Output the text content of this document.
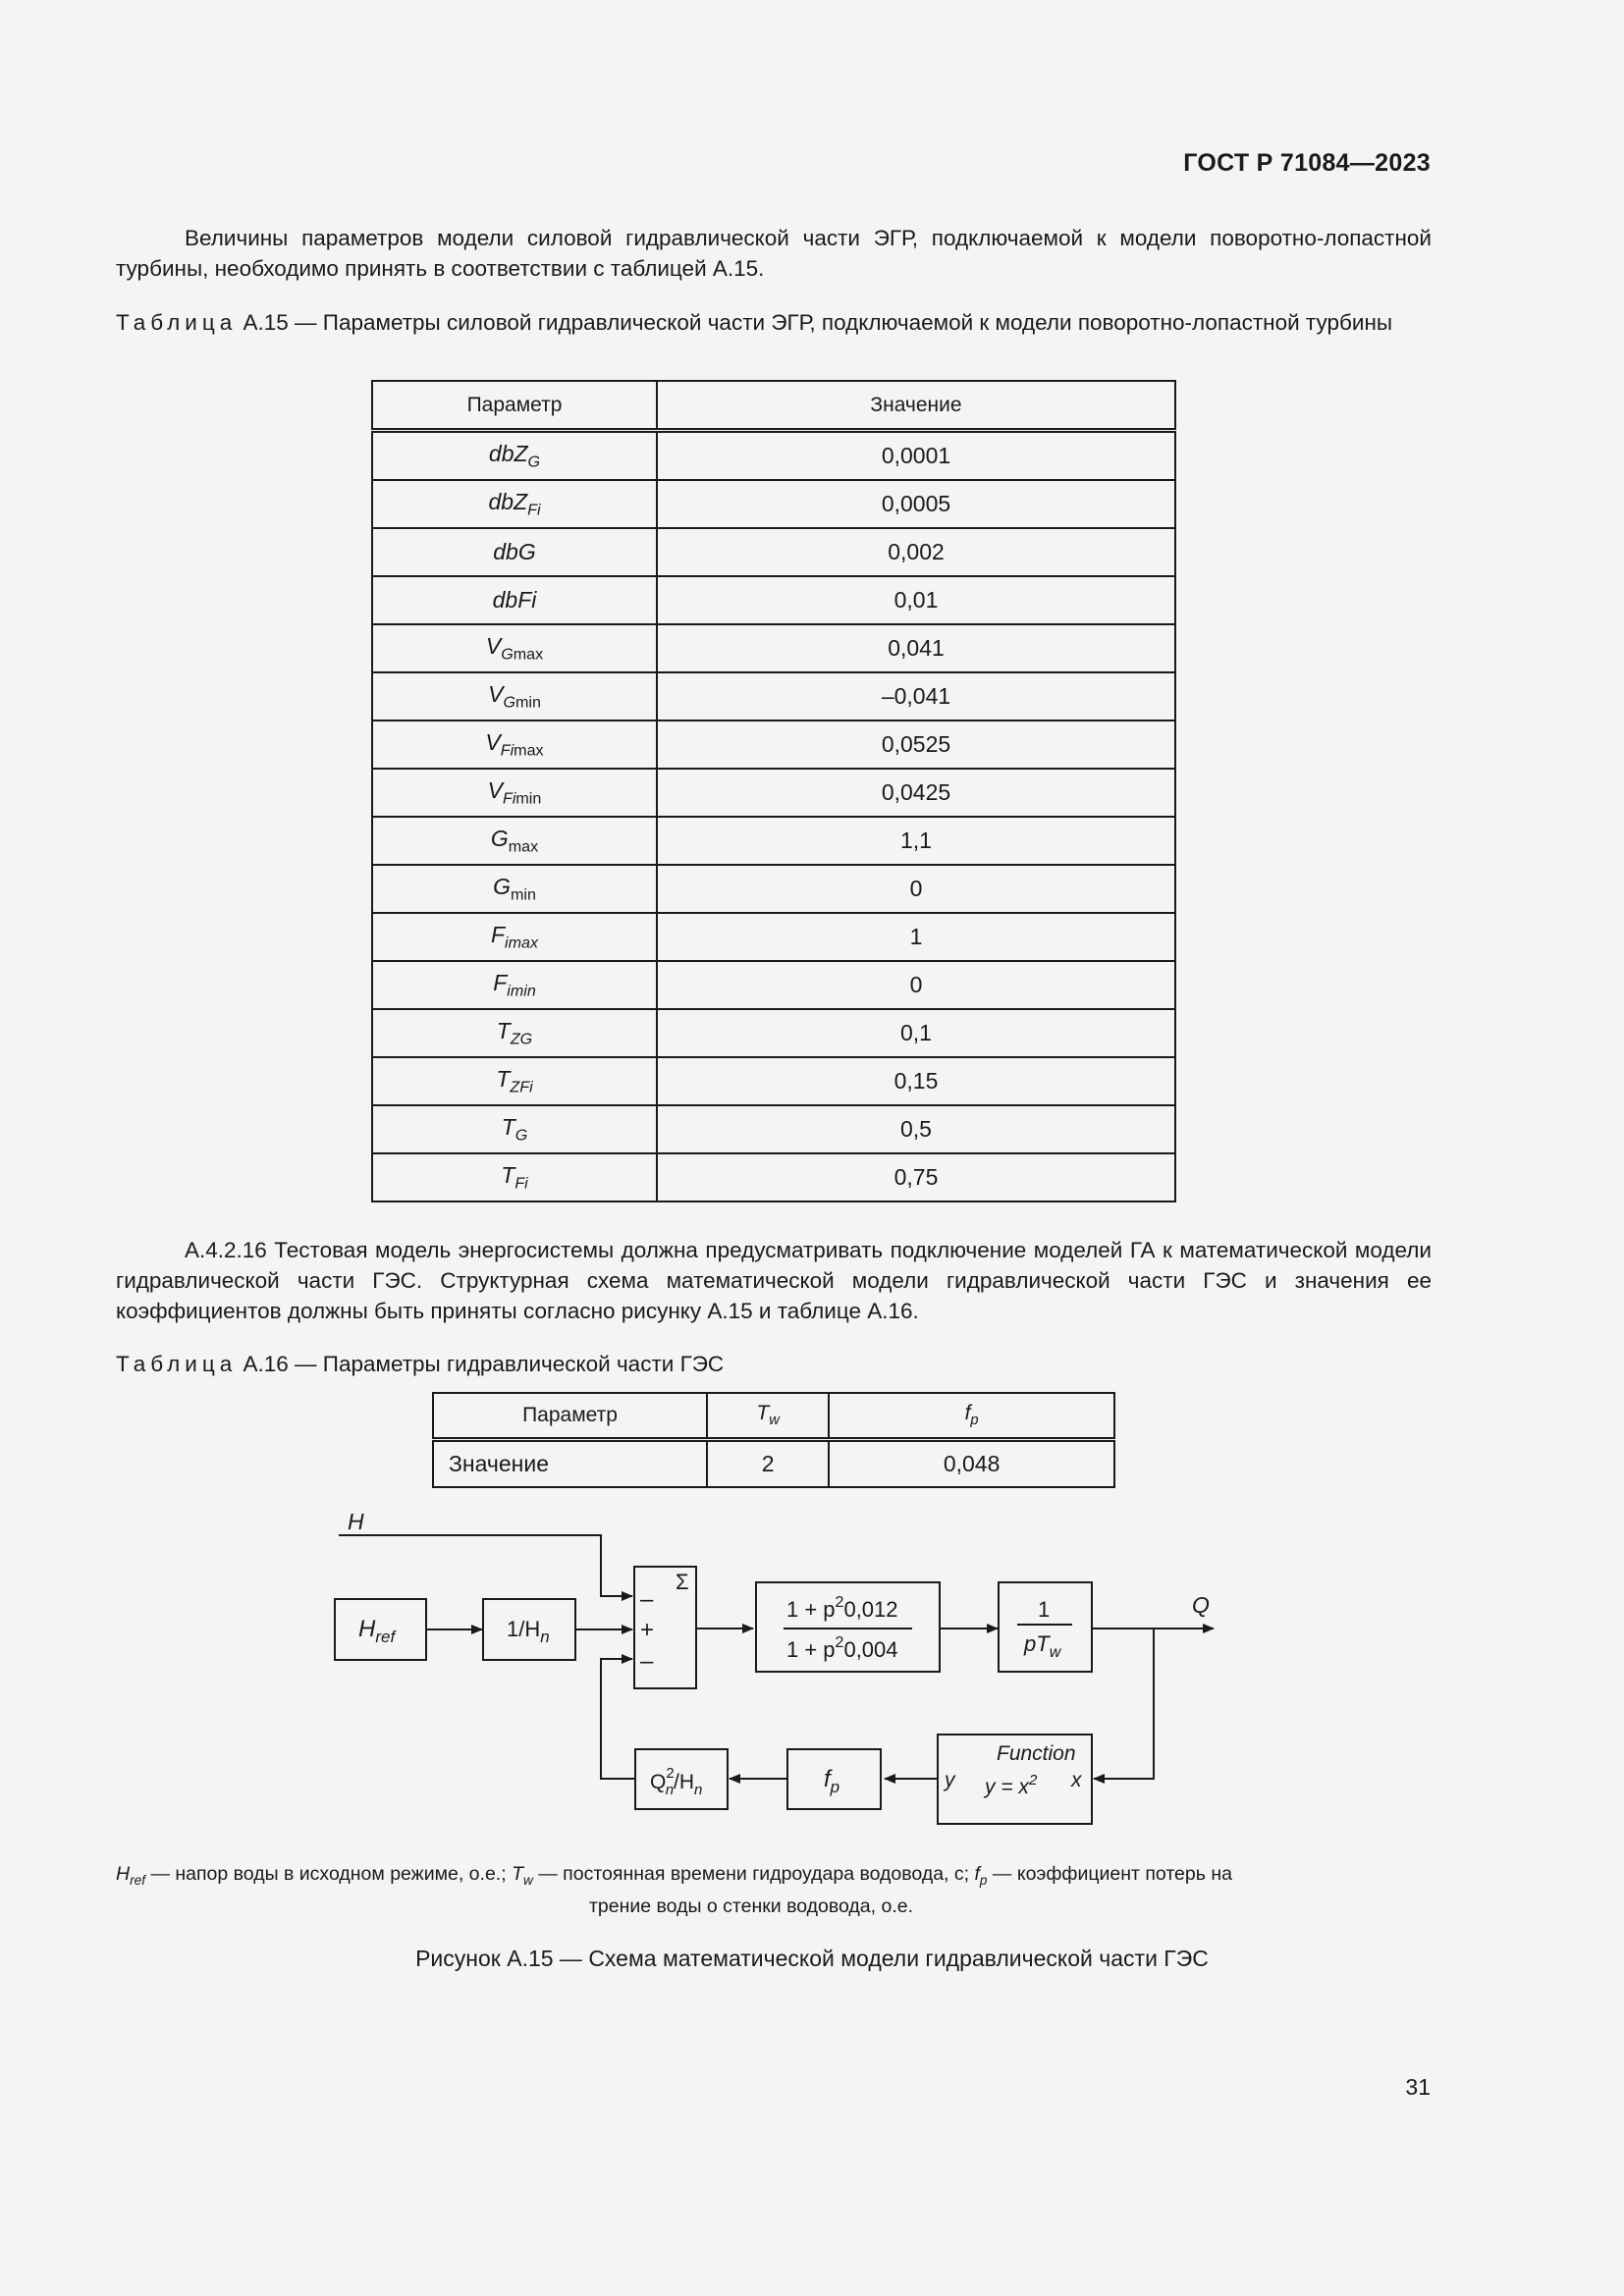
ГОСТ Р 71084—2023
Величины параметров модели силовой гидравлической части ЭГР, подключаемой к модели поворотно-лопастной турбины, необходимо принять в соответствии с таблицей А.15.
Таблица А.15 — Параметры силовой гидравлической части ЭГР, подключаемой к модели поворотно-лопастной турбины
Параметр	Значение
dbZ$_G$	0,0001
dbZ$_{Fi}$	0,0005
dbG	0,002
dbFi	0,01
$V_{Gmax}$	0,041
$V_{Gmin}$	–0,041
$V_{Fimax}$	0,0525
$V_{Fimin}$	0,0425
$G_{max}$	1,1
$G_{min}$	0
$F_{imax}$	1
$F_{imin}$	0
$T_{ZG}$	0,1
$T_{ZFi}$	0,15
$T_G$	0,5
$T_{Fi}$	0,75
А.4.2.16 Тестовая модель энергосистемы должна предусматривать подключение моделей ГА к математической модели гидравлической части ГЭС. Структурная схема математической модели гидравлической части ГЭС и значения ее коэффициентов должны быть приняты согласно рисунку А.15 и таблице А.16.
Таблица А.16 — Параметры гидравлической части ГЭС
Параметр	$T_w$	$f_p$
Значение	2	0,048
H
$H_{ref}$	$1/H_n$
Σ
–
+
–
$1 + p^20,012$
$1 + p^20,004$
1
$pT_w$
Q
Function
$y = x^2$
y	x
$f_p$
$Q^2$ $n/H_n$
$H_{ref}$ — напор воды в исходном режиме, о.е.; $T_w$ — постоянная времени гидроудара водовода, с; $f_p$ — коэффициент потерь на
трение воды о стенки водовода, о.е.
Рисунок А.15 — Схема математической модели гидравлической части ГЭС
31
